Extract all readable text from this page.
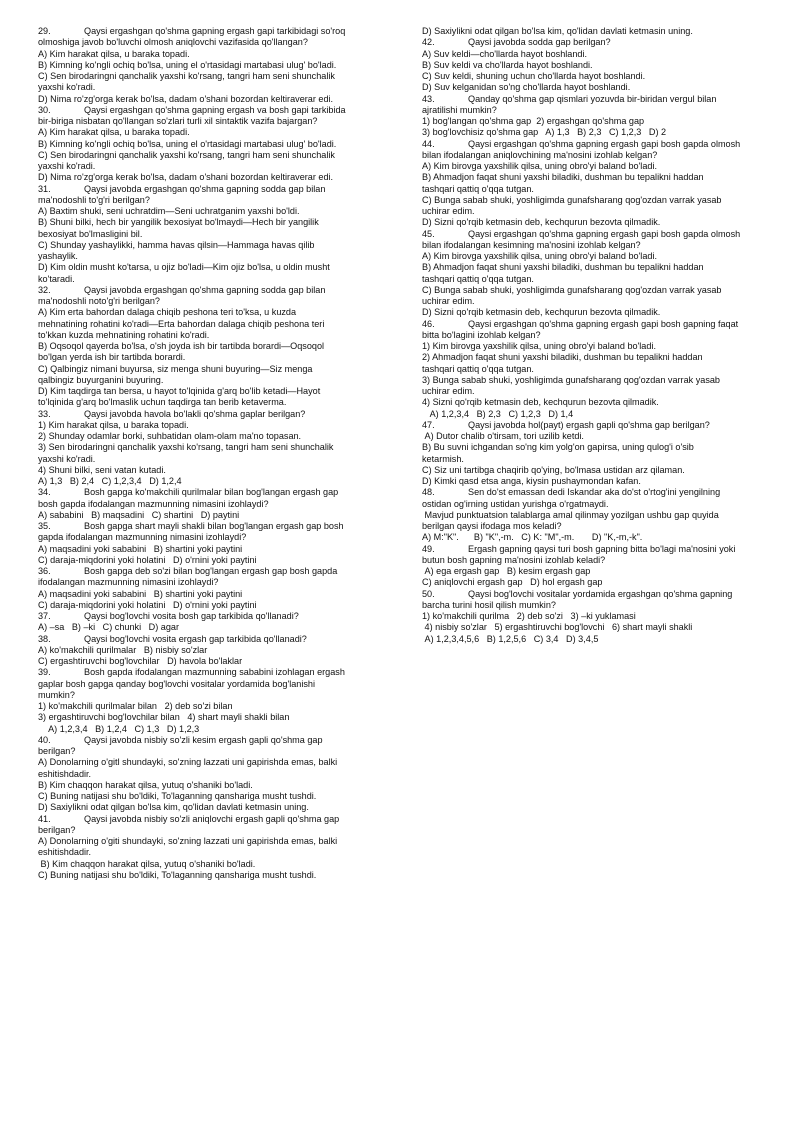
29.	Qaysi ergashgan qo'shma gapning ergash gapi tarkibidagi so'roq
olmoshiga javob bo'luvchi olmosh aniqlovchi vazifasida qo'llangan?
A) Kim harakat qilsa, u baraka topadi.
B) Kimning ko'ngli ochiq bo'lsa, uning el o'rtasidagi martabasi ulug' bo'ladi.
C) Sen birodaringni qanchalik yaxshi ko'rsang, tangri ham seni shunchalik
yaxshi ko'radi.
D) Nima ro'zg'orga kerak bo'lsa, dadam o'shani bozordan keltiraverar edi.
30.	Qaysi ergashgan qo'shma gapning ergash va bosh gapi tarkibida
bir-biriga nisbatan qo'llangan so'zlari turli xil sintaktik vazifa bajargan?
A) Kim harakat qilsa, u baraka topadi.
B) Kimning ko'ngli ochiq bo'lsa, uning el o'rtasidagi martabasi ulug' bo'ladi.
C) Sen birodaringni qanchalik yaxshi ko'rsang, tangri ham seni shunchalik
yaxshi ko'radi.
D) Nima ro'zg'orga kerak bo'lsa, dadam o'shani bozordan keltiraverar edi.
31.	Qaysi javobda ergashgan qo'shma gapning sodda gap bilan
ma'nodoshli to'g'ri berilgan?
A) Baxtim shuki, seni uchratdim—Seni uchratganim yaxshi bo'ldi.
B) Shuni bilki, hech bir yangilik bexosiyat bo'lmaydi—Hech bir yangilik
bexosiyat bo'lmasligini bil.
C) Shunday yashaylikki, hamma havas qilsin—Hammaga havas qilib
yashaylik.
D) Kim oldin musht ko'tarsa, u ojiz bo'ladi—Kim ojiz bo'lsa, u oldin musht
ko'taradi.
32.	Qaysi javobda ergashgan qo'shma gapning sodda gap bilan
ma'nodoshli noto'g'ri berilgan?
A) Kim erta bahordan dalaga chiqib peshona teri to'ksa, u kuzda
mehnatining rohatini ko'radi—Erta bahordan dalaga chiqib peshona teri
to'kkan kuzda mehnatining rohatini ko'radi.
B) Oqsoqol qayerda bo'lsa, o'sh joyda ish bir tartibda borardi—Oqsoqol
bo'lgan yerda ish bir tartibda borardi.
C) Qalbingiz nimani buyursa, siz menga shuni buyuring—Siz menga
qalbingiz buyurganini buyuring.
D) Kim taqdirga tan bersa, u hayot to'lqinida g'arq bo'lib ketadi—Hayot
to'lqinida g'arq bo'lmaslik uchun taqdirga tan berib ketaverma.
33.	Qaysi javobda havola bo'lakli qo'shma gaplar berilgan?
1) Kim harakat qilsa, u baraka topadi.
2) Shunday odamlar borki, suhbatidan olam-olam ma'no topasan.
3) Sen birodaringni qanchalik yaxshi ko'rsang, tangri ham seni shunchalik
yaxshi ko'radi.
4) Shuni bilki, seni vatan kutadi.
A) 1,3   B) 2,4   C) 1,2,3,4   D) 1,2,4
34.	Bosh gapga ko'makchili qurilmalar bilan bog'langan ergash gap
bosh gapda ifodalangan mazmunning nimasini izohlaydi?
A) sababini   B) maqsadini   C) shartini   D) paytini
35.	Bosh gapga shart mayli shakli bilan bog'langan ergash gap bosh
gapda ifodalangan mazmunning nimasini izohlaydi?
A) maqsadini yoki sababini   B) shartini yoki paytini
C) daraja-miqdorini yoki holatini   D) o'rnini yoki paytini
36.	Bosh gapga deb so'zi bilan bog'langan ergash gap bosh gapda
ifodalangan mazmunning nimasini izohlaydi?
A) maqsadini yoki sababini   B) shartini yoki paytini
C) daraja-miqdorini yoki holatini   D) o'rnini yoki paytini
37.	Qaysi bog'lovchi vosita bosh gap tarkibida qo'llanadi?
A) –sa   B) –ki   C) chunki   D) agar
38.	Qaysi bog'lovchi vosita ergash gap tarkibida qo'llanadi?
A) ko'makchili qurilmalar   B) nisbiy so'zlar
C) ergashtiruvchi bog'lovchilar   D) havola bo'laklar
39.	Bosh gapda ifodalangan mazmunning sababini izohlagan ergash
gaplar bosh gapga qanday bog'lovchi vositalar yordamida bog'lanishi
mumkin?
1) ko'makchili qurilmalar bilan   2) deb so'zi bilan
3) ergashtiruvchi bog'lovchilar bilan   4) shart mayli shakli bilan
A) 1,2,3,4   B) 1,2,4   C) 1,3   D) 1,2,3
40.	Qaysi javobda nisbiy so'zli kesim ergash gapli qo'shma gap
berilgan?
A) Donolarning o'gitl shundayki, so'zning lazzati uni gapirishda emas, balki
eshitishdadir.
B) Kim chaqqon harakat qilsa, yutuq o'shaniki bo'ladi.
C) Buning natijasi shu bo'ldiki, To'laganning qanshariga musht tushdi.
D) Saxiylikni odat qilgan bo'lsa kim, qo'lidan davlati ketmasin uning.
41.	Qaysi javobda nisbiy so'zli aniqlovchi ergash gapli qo'shma gap
berilgan?
A) Donolarning o'giti shundayki, so'zning lazzati uni gapirishda emas, balki
eshitishdadir.
B) Kim chaqqon harakat qilsa, yutuq o'shaniki bo'ladi.
C) Buning natijasi shu bo'ldiki, To'laganning qanshariga musht tushdi.
D) Saxiylikni odat qilgan bo'lsa kim, qo'lidan davlati ketmasin uning.
42.	Qaysi javobda sodda gap berilgan?
A) Suv keldi—cho'llarda hayot boshlandi.
B) Suv keldi va cho'llarda hayot boshlandi.
C) Suv keldi, shuning uchun cho'llarda hayot boshlandi.
D) Suv kelganidan so'ng cho'llarda hayot boshlandi.
43.	Qanday qo'shma gap qismlari yozuvda bir-biridan vergul bilan
ajratilishi mumkin?
1) bog'langan qo'shma gap  2) ergashgan qo'shma gap
3) bog'lovchisiz qo'shma gap   A) 1,3   B) 2,3   C) 1,2,3   D) 2
44.	Qaysi ergashgan qo'shma gapning ergash gapi bosh gapda olmosh
bilan ifodalangan aniqlovchining ma'nosini izohlab kelgan?
A) Kim birovga yaxshilik qilsa, uning obro'yi baland bo'ladi.
B) Ahmadjon faqat shuni yaxshi biladiki, dushman bu tepalikni haddan
tashqari qattiq o'qqa tutgan.
C) Bunga sabab shuki, yoshligimda gunafsharang qog'ozdan varrak yasab
uchirar edim.
D) Sizni qo'rqib ketmasin deb, kechqurun bezovta qilmadik.
45.	Qaysi ergashgan qo'shma gapning ergash gapi bosh gapda olmosh
bilan ifodalangan kesimning ma'nosini izohlab kelgan?
A) Kim birovga yaxshilik qilsa, uning obro'yi baland bo'ladi.
B) Ahmadjon faqat shuni yaxshi biladiki, dushman bu tepalikni haddan
tashqari qattiq o'qqa tutgan.
C) Bunga sabab shuki, yoshligimda gunafsharang qog'ozdan varrak yasab
uchirar edim.
D) Sizni qo'rqib ketmasin deb, kechqurun bezovta qilmadik.
46.	Qaysi ergashgan qo'shma gapning ergash gapi bosh gapning faqat
bitta bo'lagini izohlab kelgan?
1) Kim birovga yaxshilik qilsa, uning obro'yi baland bo'ladi.
2) Ahmadjon faqat shuni yaxshi biladiki, dushman bu tepalikni haddan
tashqari qattiq o'qqa tutgan.
3) Bunga sabab shuki, yoshligimda gunafsharang qog'ozdan varrak yasab
uchirar edim.
4) Sizni qo'rqib ketmasin deb, kechqurun bezovta qilmadik.
A) 1,2,3,4   B) 2,3   C) 1,2,3   D) 1,4
47.	Qaysi javobda hol(payt) ergash gapli qo'shma gap berilgan?
A) Dutor chalib o'tirsam, tori uzilib ketdi.
B) Bu suvni ichgandan so'ng kim yolg'on gapirsa, uning qulog'i o'sib
ketarmish.
C) Siz uni tartibga chaqirib qo'ying, bo'lmasa ustidan arz qilaman.
D) Kimki qasd etsa anga, kiysin pushaymondan kafan.
48.	Sen do'st emassan dedi Iskandar aka do'st o'rtog'ini yengilning
ostidan og'irning ustidan yurishga o'rgatmaydi.
Mavjud punktuatsion talablarga amal qilinmay yozilgan ushbu gap quyida
berilgan qaysi ifodaga mos keladi?
A) M:"K".      B) "K",-m.   C) K: "M",-m.       D) "K,-m,-k".
49.	Ergash gapning qaysi turi bosh gapning bitta bo'lagi ma'nosini yoki
butun bosh gapning ma'nosini izohlab keladi?
A) ega ergash gap   B) kesim ergash gap
C) aniqlovchi ergash gap   D) hol ergash gap
50.	Qaysi bog'lovchi vositalar yordamida ergashgan qo'shma gapning
barcha turini hosil qilish mumkin?
1) ko'makchili qurilma   2) deb so'zi   3) –ki yuklamasi
4) nisbiy so'zlar   5) ergashtiruvchi bog'lovchi   6) shart mayli shakli
A) 1,2,3,4,5,6   B) 1,2,5,6   C) 3,4   D) 3,4,5
